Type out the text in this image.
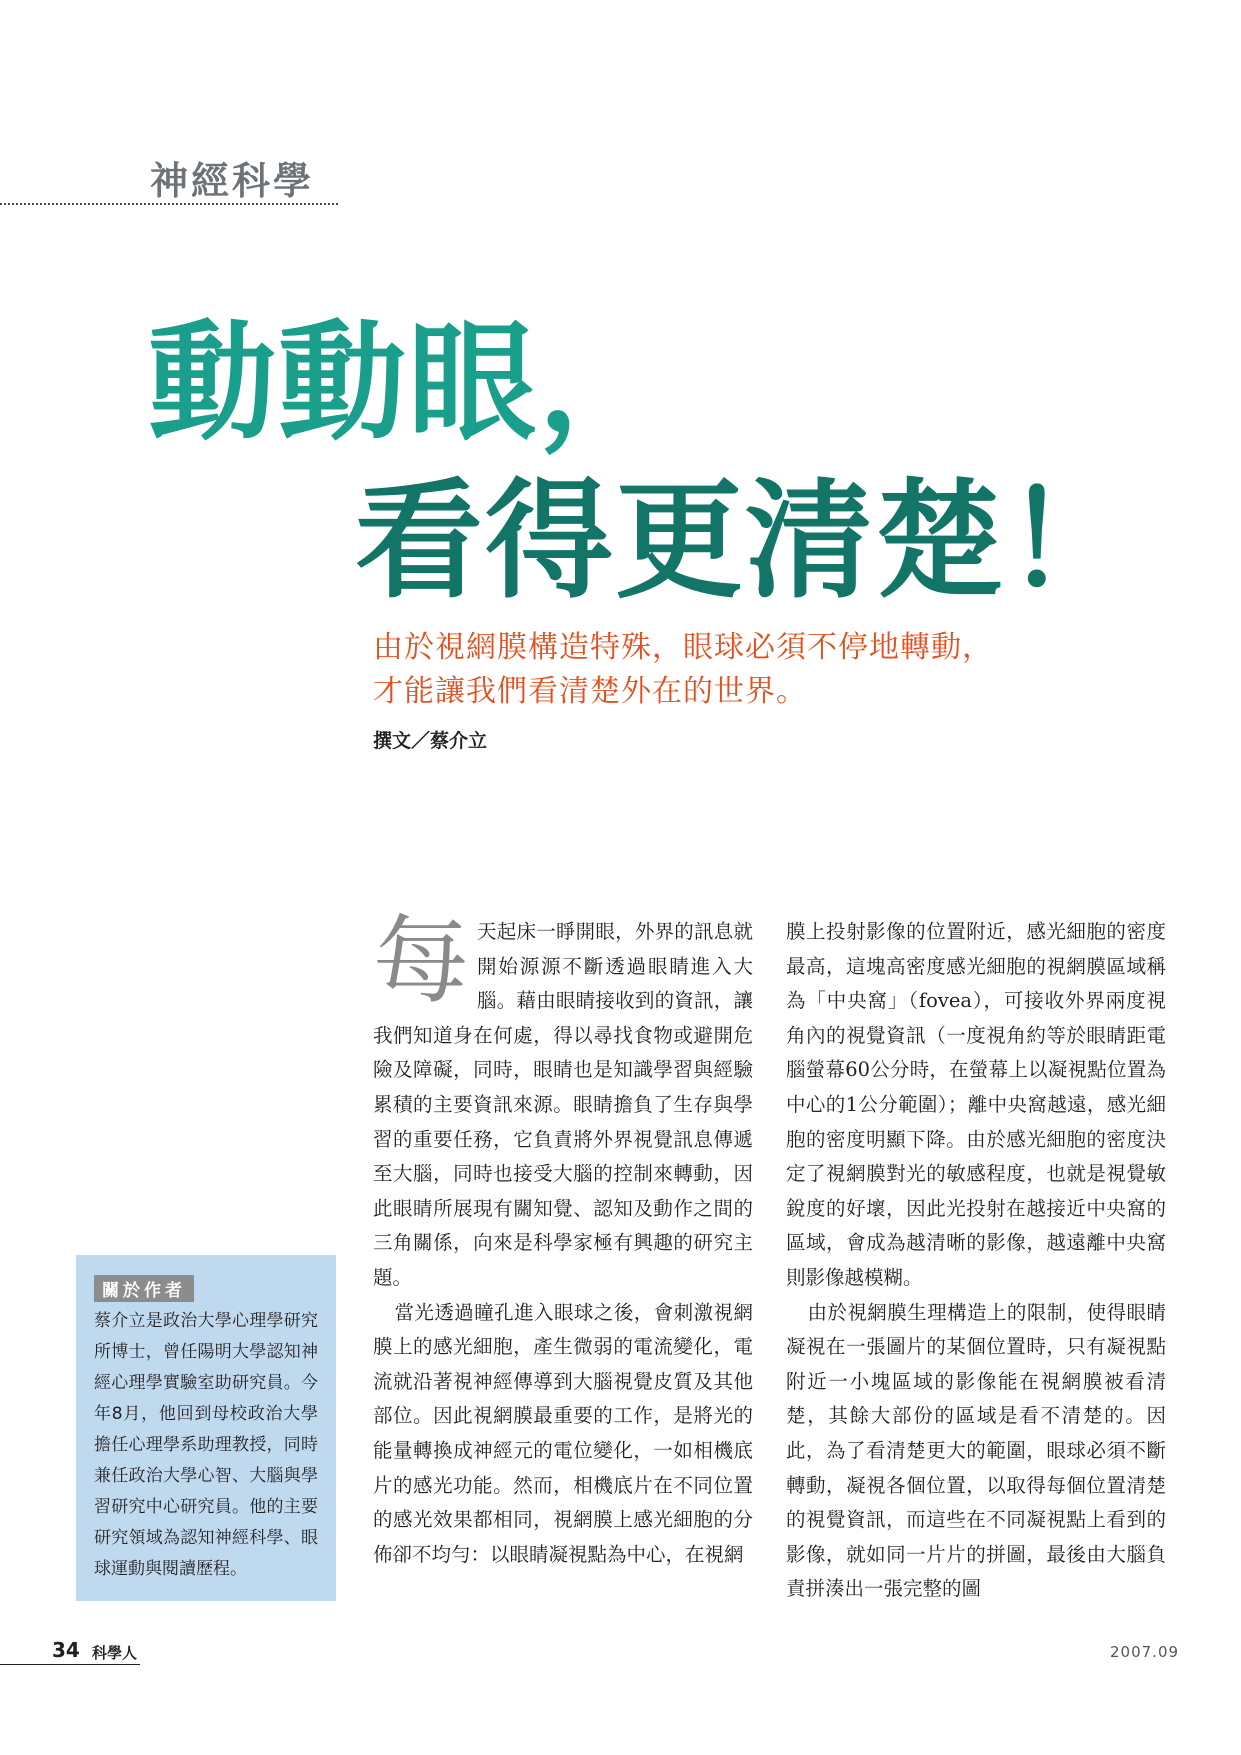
神經科學
動動眼，
看得更清楚！
由於視網膜構造特殊，眼球必須不停地轉動，
才能讓我們看清楚外在的世界。
撰文／蔡介立

每天起床一睜開眼，外界的訊息就開始源源不斷透過眼睛進入大腦。藉由眼睛接收到的資訊，讓我們知道身在何處，得以尋找食物或避開危險及障礙，同時，眼睛也是知識學習與經驗累積的主要資訊來源。眼睛擔負了生存與學習的重要任務，它負責將外界視覺訊息傳遞至大腦，同時也接受大腦的控制來轉動，因此眼睛所展現有關知覺、認知及動作之間的三角關係，向來是科學家極有興趣的研究主題。

當光透過瞳孔進入眼球之後，會刺激視網膜上的感光細胞，產生微弱的電流變化，電流就沿著視神經傳導到大腦視覺皮質及其他部位。因此視網膜最重要的工作，是將光的能量轉換成神經元的電位變化，一如相機底片的感光功能。然而，相機底片在不同位置的感光效果都相同，視網膜上感光細胞的分佈卻不均勻：以眼睛凝視點為中心，在視網

膜上投射影像的位置附近，感光細胞的密度最高，這塊高密度感光細胞的視網膜區域稱為「中央窩」（fovea），可接收外界兩度視角內的視覺資訊（一度視角約等於眼睛距電腦螢幕60公分時，在螢幕上以凝視點位置為中心的1公分範圍）；離中央窩越遠，感光細胞的密度明顯下降。由於感光細胞的密度決定了視網膜對光的敏感程度，也就是視覺敏銳度的好壞，因此光投射在越接近中央窩的區域，會成為越清晰的影像，越遠離中央窩則影像越模糊。

由於視網膜生理構造上的限制，使得眼睛凝視在一張圖片的某個位置時，只有凝視點附近一小塊區域的影像能在視網膜被看清楚，其餘大部份的區域是看不清楚的。因此，為了看清楚更大的範圍，眼球必須不斷轉動，凝視各個位置，以取得每個位置清楚的視覺資訊，而這些在不同凝視點上看到的影像，就如同一片片的拼圖，最後由大腦負責拼湊出一張完整的圖

關於作者
蔡介立是政治大學心理學研究所博士，曾任陽明大學認知神經心理學實驗室助研究員。今年8月，他回到母校政治大學擔任心理學系助理教授，同時兼任政治大學心智、大腦與學習研究中心研究員。他的主要研究領域為認知神經科學、眼球運動與閱讀歷程。
34 科學人	2007.09
